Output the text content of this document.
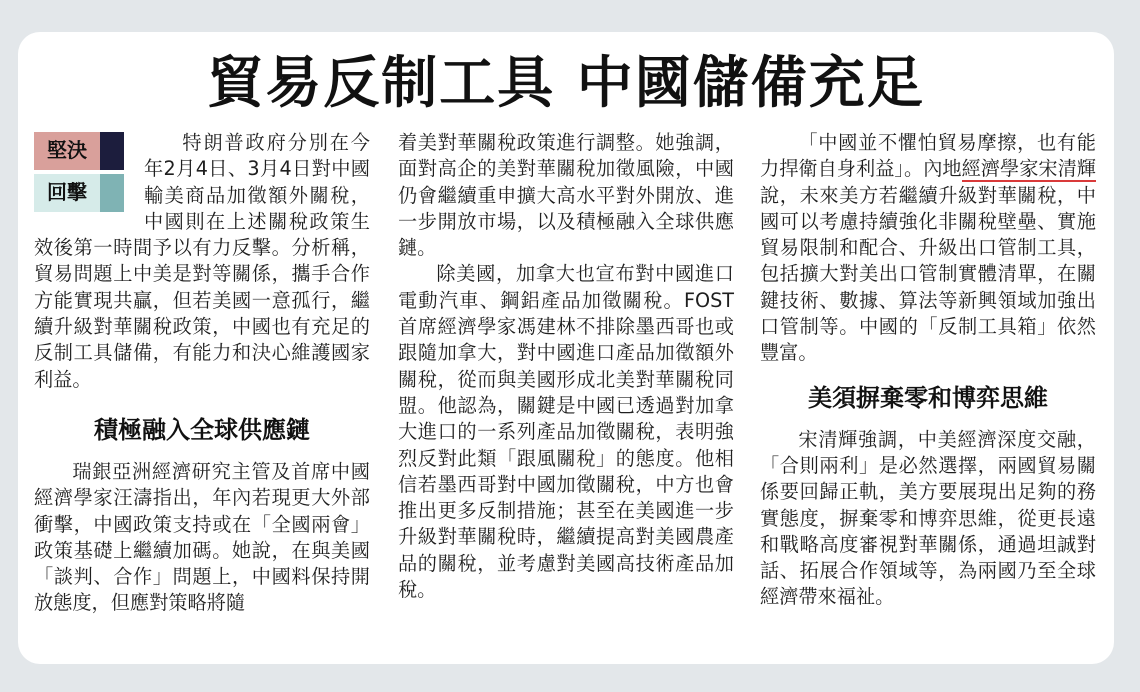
貿易反制工具 中國儲備充足
堅決
回擊

特朗普政府分別在今年2月4日、3月4日對中國輸美商品加徵額外關稅，中國則在上述關稅政策生效後第一時間予以有力反擊。分析稱，貿易問題上中美是對等關係，攜手合作方能實現共贏，但若美國一意孤行，繼續升級對華關稅政策，中國也有充足的反制工具儲備，有能力和決心維護國家利益。

積極融入全球供應鏈

瑞銀亞洲經濟研究主管及首席中國經濟學家汪濤指出，年內若現更大外部衝擊，中國政策支持或在「全國兩會」政策基礎上繼續加碼。她說，在與美國「談判、合作」問題上，中國料保持開放態度，但應對策略將隨

着美對華關稅政策進行調整。她強調，面對高企的美對華關稅加徵風險，中國仍會繼續重申擴大高水平對外開放、進一步開放市場，以及積極融入全球供應鏈。

除美國，加拿大也宣布對中國進口電動汽車、鋼鋁產品加徵關稅。FOST首席經濟學家馮建林不排除墨西哥也或跟隨加拿大，對中國進口產品加徵額外關稅，從而與美國形成北美對華關稅同盟。他認為，關鍵是中國已透過對加拿大進口的一系列產品加徵關稅，表明強烈反對此類「跟風關稅」的態度。他相信若墨西哥對中國加徵關稅，中方也會推出更多反制措施；甚至在美國進一步升級對華關稅時，繼續提高對美國農產品的關稅，並考慮對美國高技術產品加稅。

「中國並不懼怕貿易摩擦，也有能力捍衛自身利益」。內地經濟學家宋清輝說，未來美方若繼續升級對華關稅，中國可以考慮持續強化非關稅壁壘、實施貿易限制和配合、升級出口管制工具，包括擴大對美出口管制實體清單，在關鍵技術、數據、算法等新興領域加強出口管制等。中國的「反制工具箱」依然豐富。

美須摒棄零和博弈思維

宋清輝強調，中美經濟深度交融，「合則兩利」是必然選擇，兩國貿易關係要回歸正軌，美方要展現出足夠的務實態度，摒棄零和博弈思維，從更長遠和戰略高度審視對華關係，通過坦誠對話、拓展合作領域等，為兩國乃至全球經濟帶來福祉。
